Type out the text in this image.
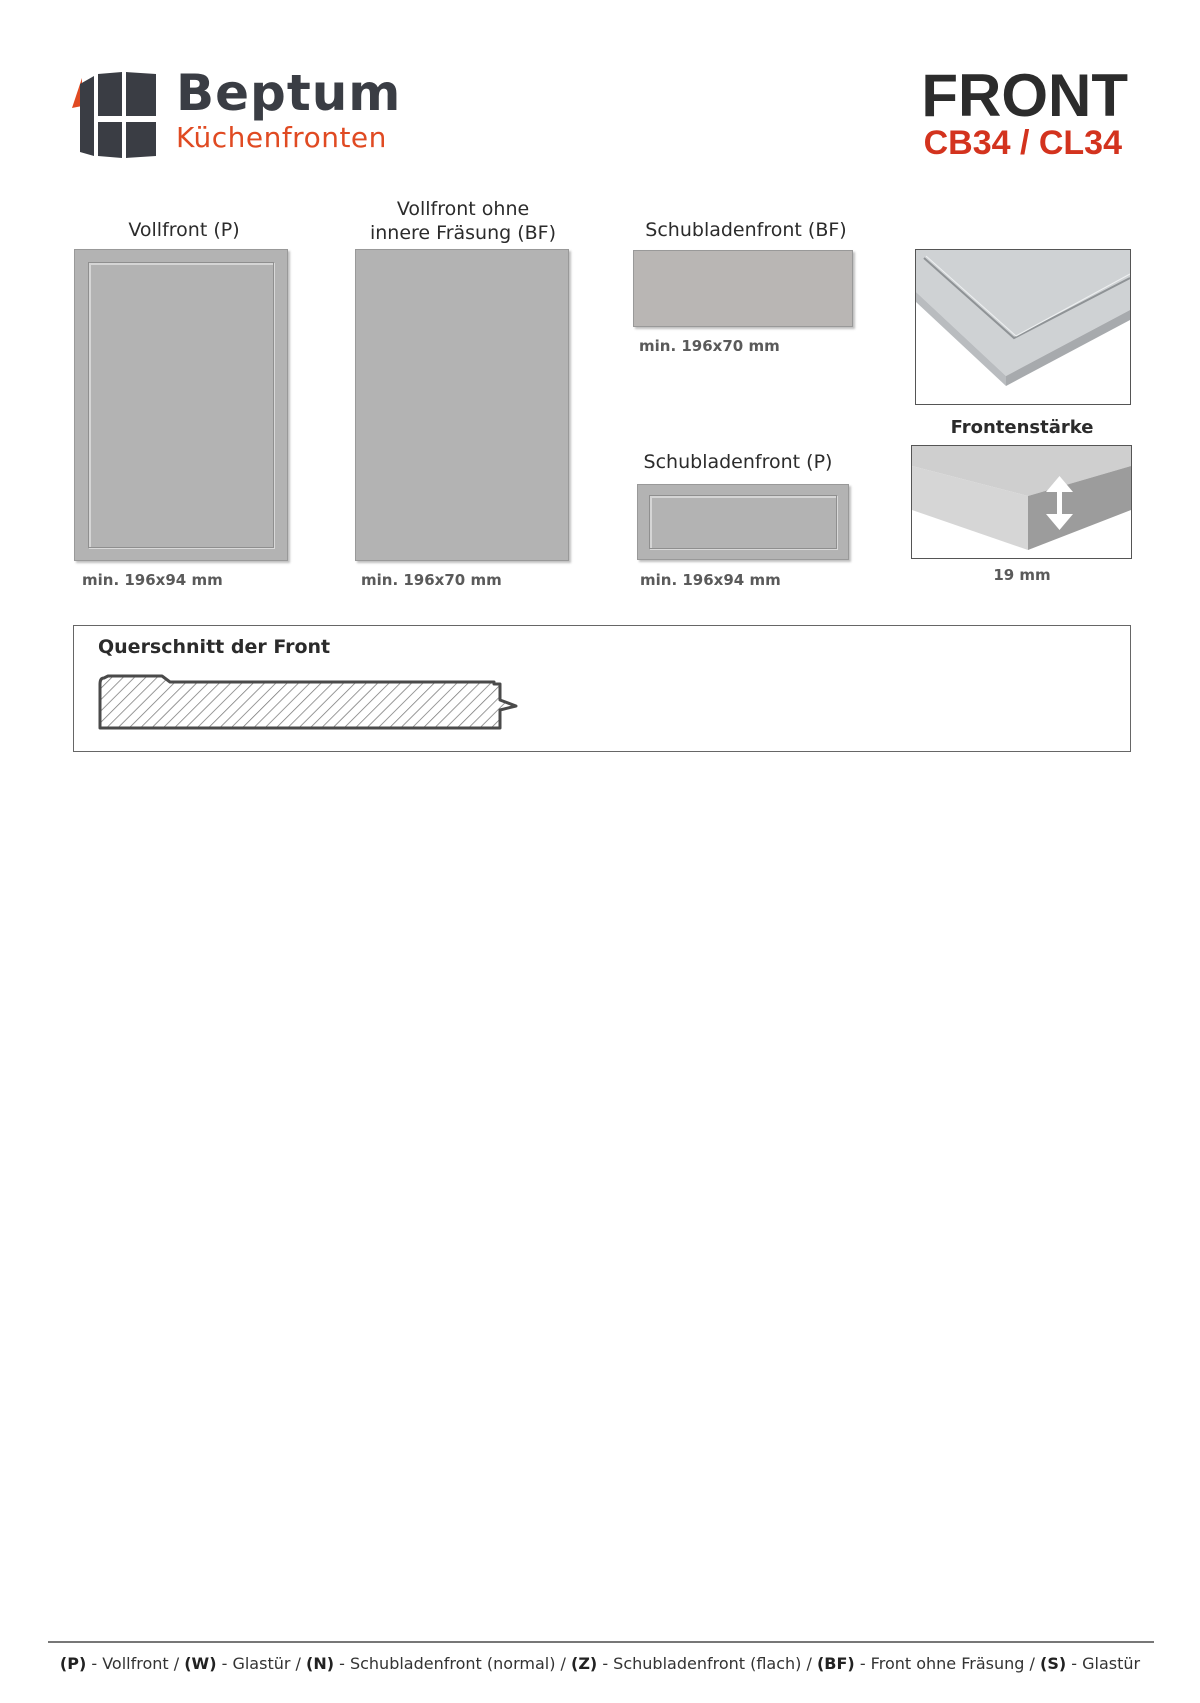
Beptum
Küchenfronten
FRONT
CB34 / CL34
Vollfront (P)
min. 196x94 mm
Vollfront ohne
innere Fräsung (BF)
min. 196x70 mm
Schubladenfront (BF)
min. 196x70 mm
Schubladenfront (P)
min. 196x94 mm
Frontenstärke
19 mm
Querschnitt der Front
(P) - Vollfront / (W) - Glastür / (N) - Schubladenfront (normal) / (Z) - Schubladenfront (flach) / (BF) - Front ohne Fräsung / (S) - Glastür
